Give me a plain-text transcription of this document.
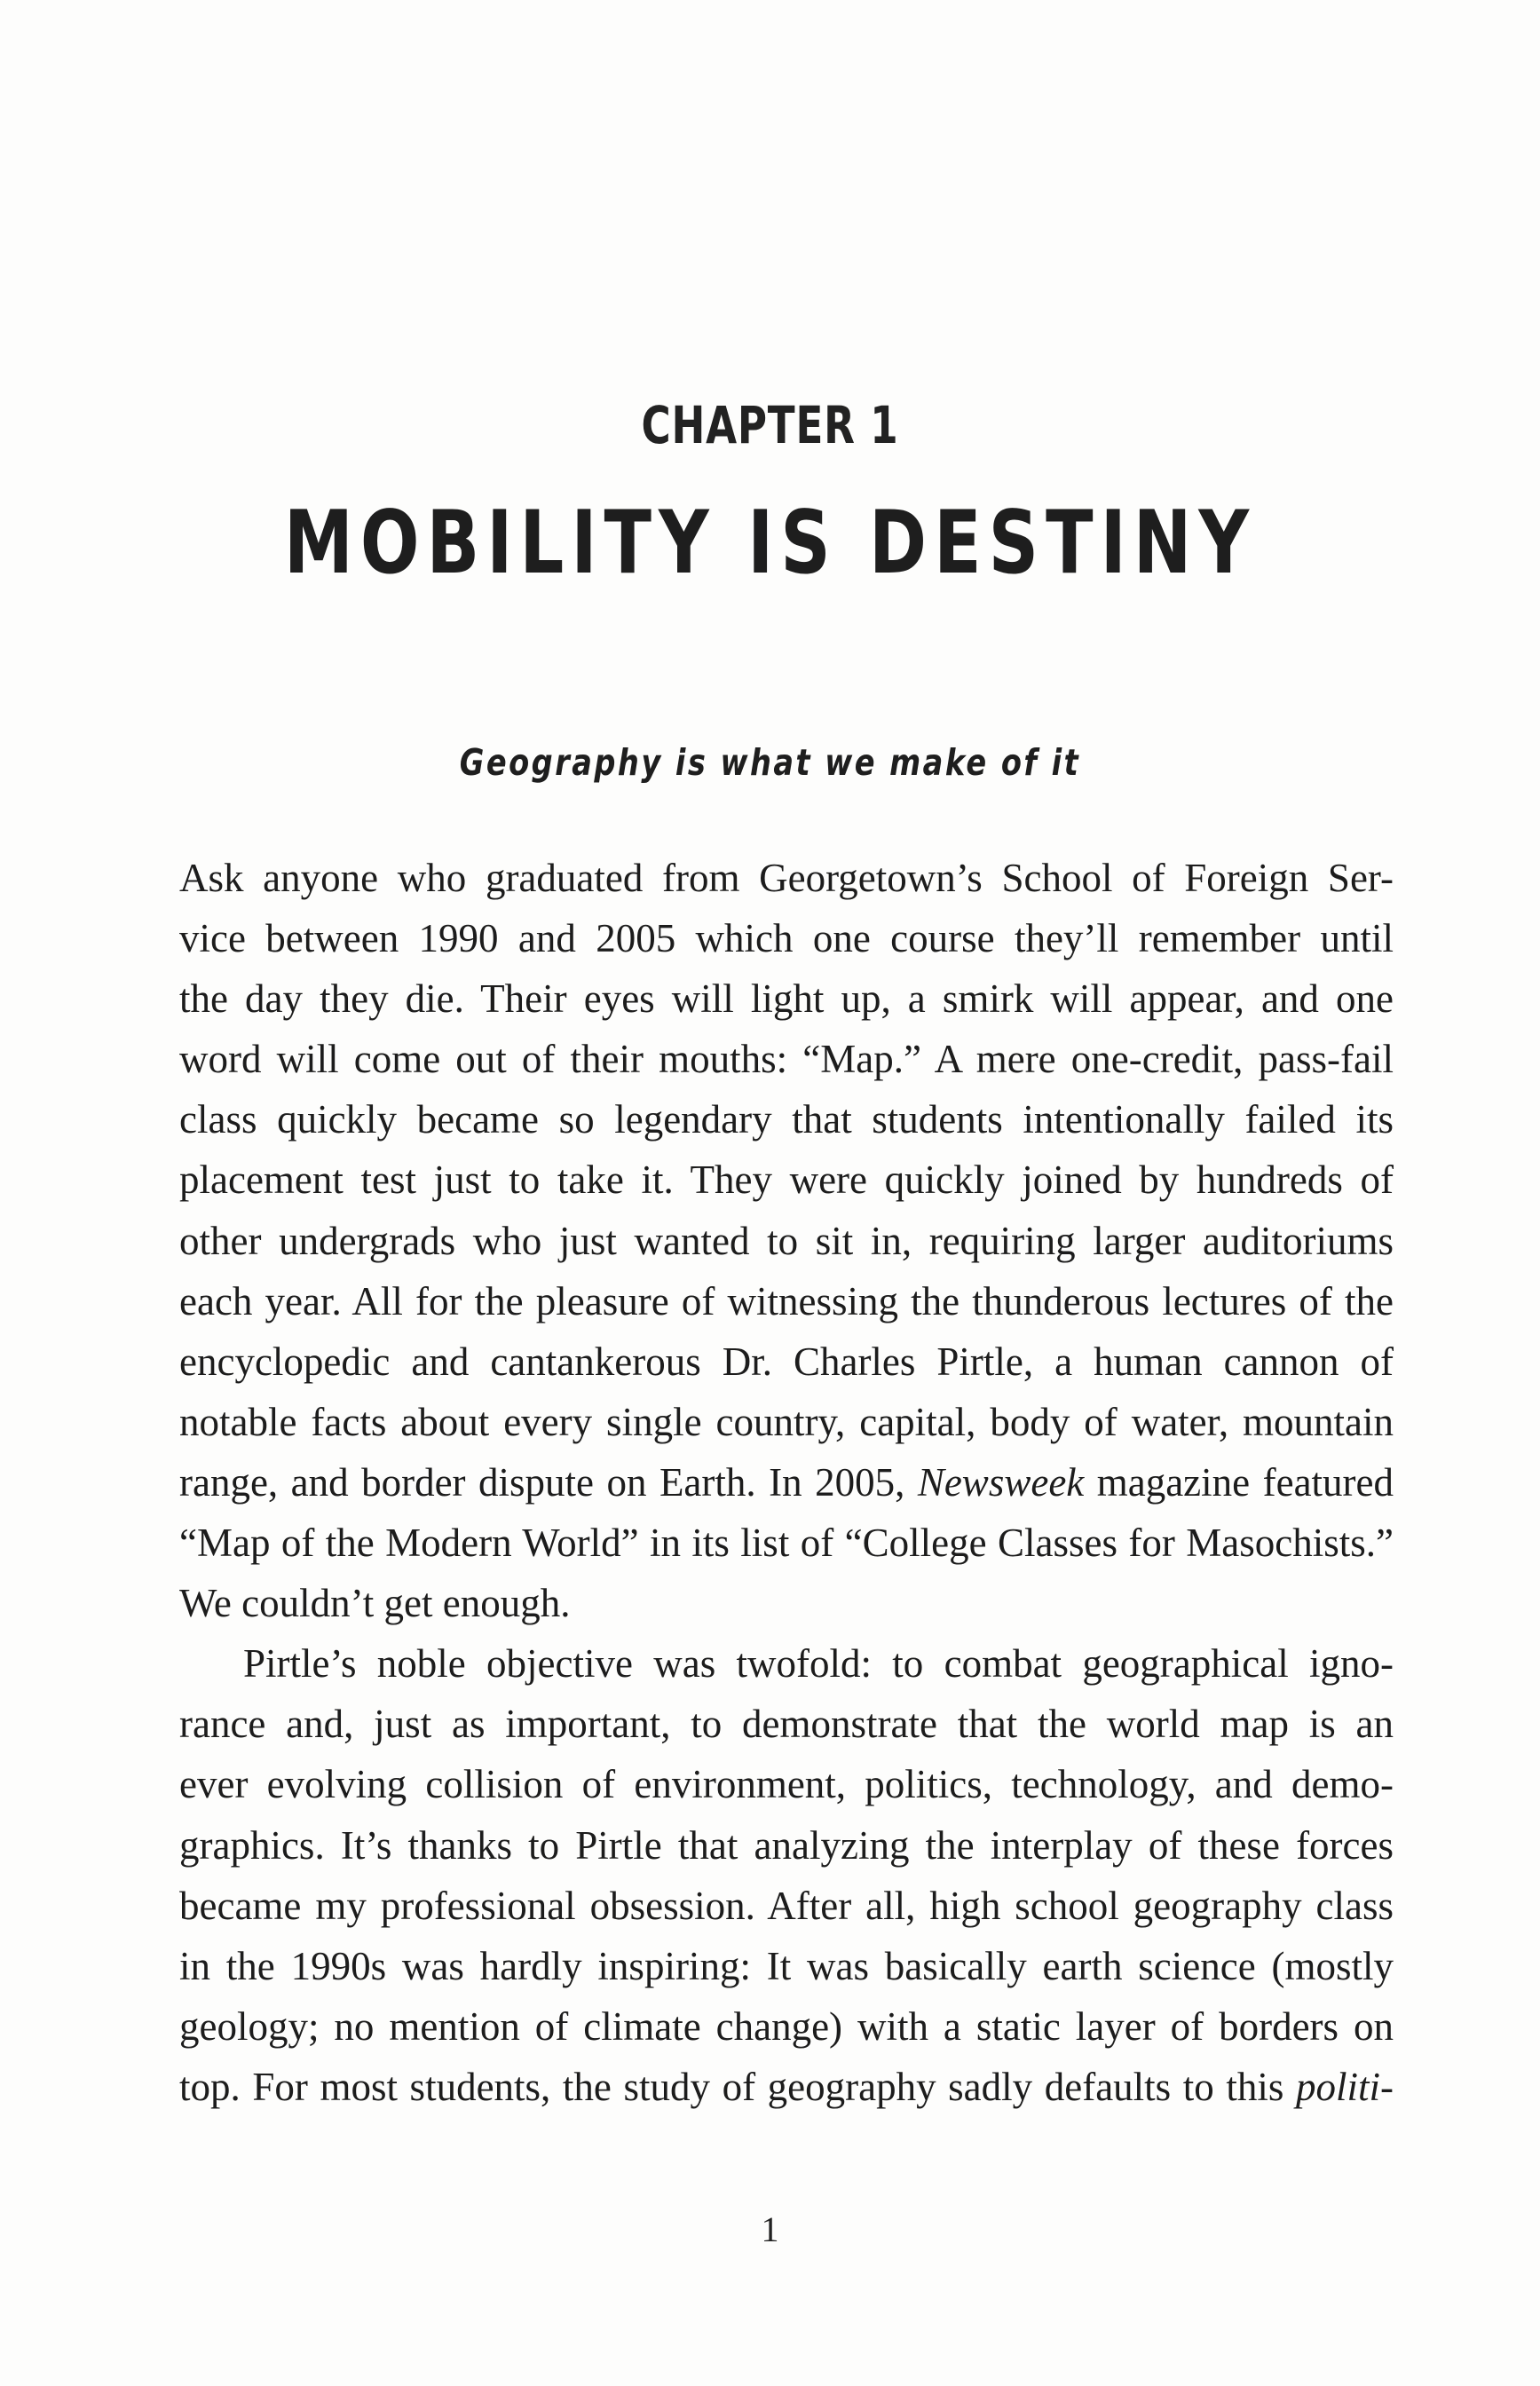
CHAPTER 1
MOBILITY IS DESTINY
Geography is what we make of it
Ask anyone who graduated from Georgetown’s School of Foreign Ser-
vice between 1990 and 2005 which one course they’ll remember until
the day they die. Their eyes will light up, a smirk will appear, and one
word will come out of their mouths: “Map.” A mere one-credit, pass-fail
class quickly became so legendary that students intentionally failed its
placement test just to take it. They were quickly joined by hundreds of
other undergrads who just wanted to sit in, requiring larger auditoriums
each year. All for the pleasure of witnessing the thunderous lectures of the
encyclopedic and cantankerous Dr. Charles Pirtle, a human cannon of
notable facts about every single country, capital, body of water, mountain
range, and border dispute on Earth. In 2005, Newsweek magazine featured
“Map of the Modern World” in its list of “College Classes for Masochists.”
We couldn’t get enough.
Pirtle’s noble objective was twofold: to combat geographical igno-
rance and, just as important, to demonstrate that the world map is an
ever evolving collision of environment, politics, technology, and demo-
graphics. It’s thanks to Pirtle that analyzing the interplay of these forces
became my professional obsession. After all, high school geography class
in the 1990s was hardly inspiring: It was basically earth science (mostly
geology; no mention of climate change) with a static layer of borders on
top. For most students, the study of geography sadly defaults to this politi-
1
